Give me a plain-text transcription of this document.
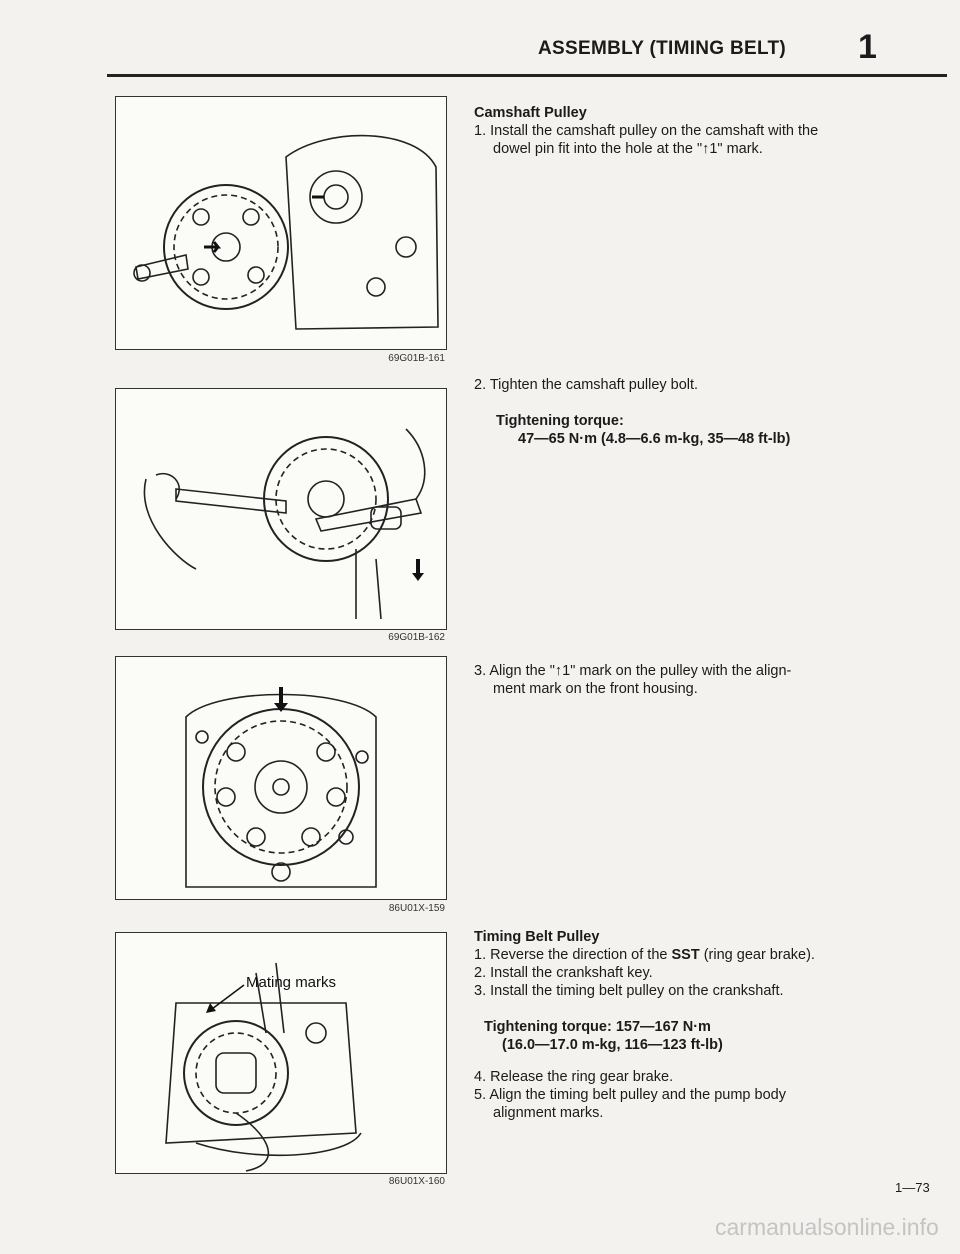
ASSEMBLY (TIMING BELT) 1
69G01B-161
69G01B-162
86U01X-159
Mating marks
86U01X-160
Camshaft Pulley
1. Install the camshaft pulley on the camshaft with the
dowel pin fit into the hole at the "↑1" mark.
2. Tighten the camshaft pulley bolt.
Tightening torque:
47—65 N·m (4.8—6.6 m-kg, 35—48 ft-lb)
3. Align the "↑1" mark on the pulley with the align-
ment mark on the front housing.
Timing Belt Pulley
1. Reverse the direction of the SST (ring gear brake).
2. Install the crankshaft key.
3. Install the timing belt pulley on the crankshaft.
Tightening torque: 157—167 N·m
(16.0—17.0 m-kg, 116—123 ft-lb)
4. Release the ring gear brake.
5. Align the timing belt pulley and the pump body
alignment marks.
1—73
carmanualsonline.info
